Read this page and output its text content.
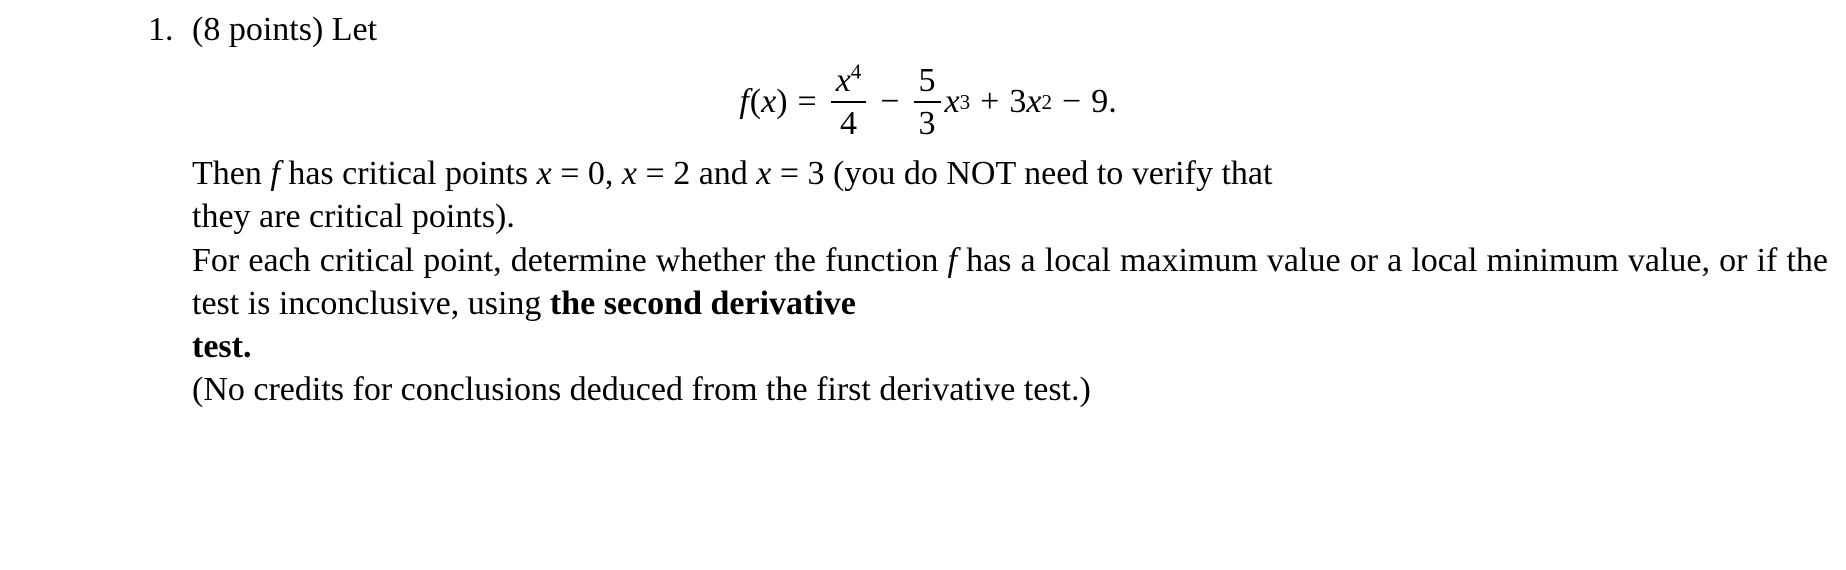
1. (8 points) Let
f ( x ) = $\frac{x^4}{4} - \frac{5}{3}$ x 3 + 3 x 2 − 9.

Then f has critical points x = 0, x = 2 and x = 3 (you do NOT need to verify that

they are critical points).

For each critical point, determine whether the function f has a local maximum value or a local minimum value, or if the test is inconclusive, using the second derivative

test.

(No credits for conclusions deduced from the first derivative test.)
